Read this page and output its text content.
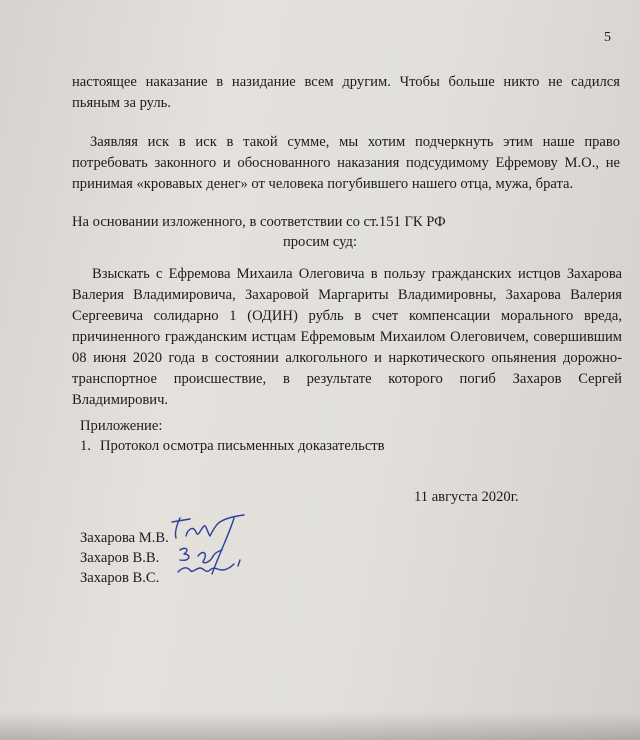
5
настоящее наказание в назидание всем другим. Чтобы больше никто не садился пьяным за руль.
Заявляя иск в иск в такой сумме, мы хотим подчеркнуть этим наше право потребовать законного и обоснованного наказания подсудимому Ефремову М.О., не принимая «кровавых денег» от человека погубившего нашего отца, мужа, брата.
На основании изложенного, в соответствии со ст.151 ГК РФ
просим суд:
Взыскать с Ефремова Михаила Олеговича в пользу гражданских истцов Захарова Валерия Владимировича, Захаровой Маргариты Владимировны, Захарова Валерия Сергеевича солидарно 1 (ОДИН) рубль в счет компенсации морального вреда, причиненного гражданским истцам Ефремовым Михаилом Олеговичем, совершившим 08 июня 2020 года в состоянии алкогольного и наркотического опьянения дорожно-транспортное происшествие, в результате которого погиб Захаров Сергей Владимирович.
Приложение:
1. Протокол осмотра письменных доказательств
11 августа 2020г.
Захарова М.В.
Захаров В.В.
Захаров В.С.
